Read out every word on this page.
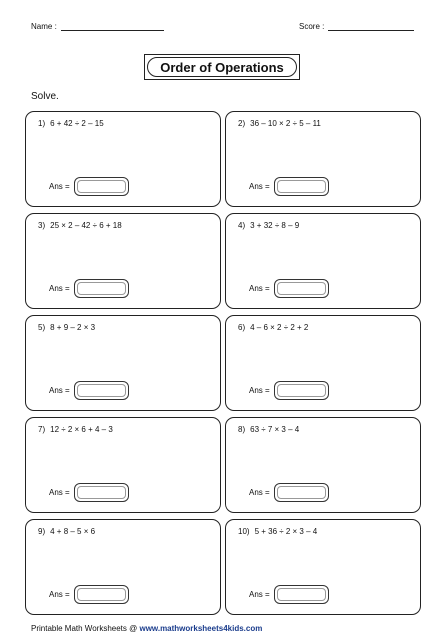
Name :	Score :
Order of Operations
Solve.
1) 6 + 42 ÷ 2 – 15
Ans =
2) 36 – 10 × 2 ÷ 5 – 11
Ans =
3) 25 × 2 – 42 ÷ 6 + 18
Ans =
4) 3 + 32 ÷ 8 – 9
Ans =
5) 8 + 9 – 2 × 3
Ans =
6) 4 – 6 × 2 ÷ 2 + 2
Ans =
7) 12 ÷ 2 × 6 + 4 – 3
Ans =
8) 63 ÷ 7 × 3 – 4
Ans =
9) 4 + 8 – 5 × 6
Ans =
10) 5 + 36 ÷ 2 × 3 – 4
Ans =
Printable Math Worksheets @ www.mathworksheets4kids.com
